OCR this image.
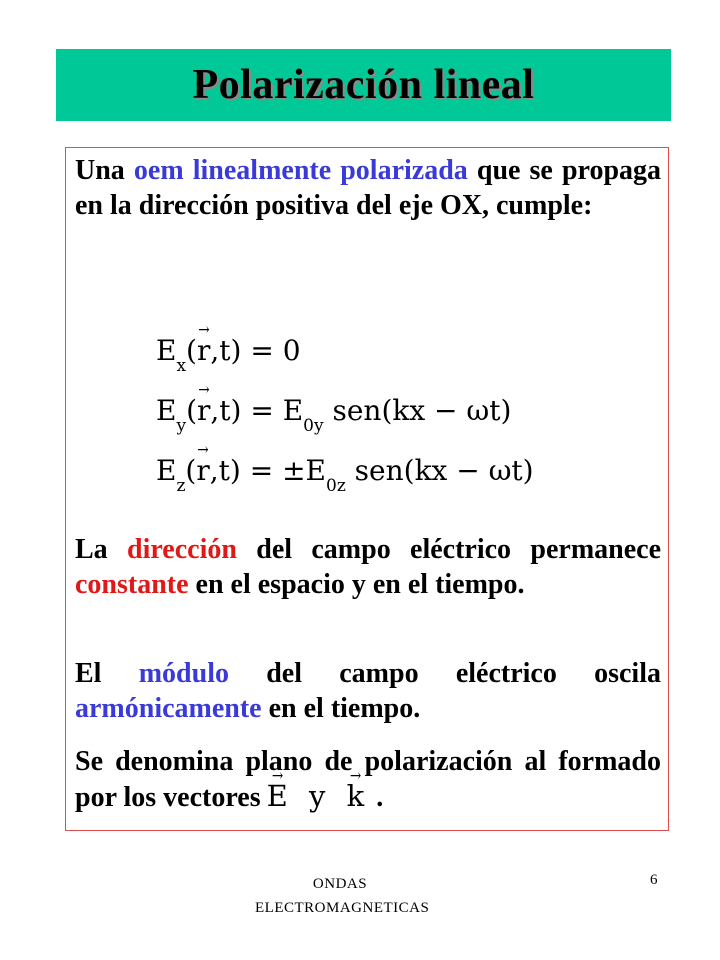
Polarización lineal
Una oem linealmente polarizada que se propaga en la dirección positiva del eje OX, cumple:
$E_x(\to r,t) = 0$
$E_y(\to r,t) = E_{0y}$ sen(kx − ωt)
$E_z(\to r,t) = \pm E_{0z}$ sen(kx − ωt)
La dirección del campo eléctrico permanece constante en el espacio y en el tiempo.
El módulo del campo eléctrico oscila armónicamente en el tiempo.
Se denomina plano de polarización al formado por los vectores → E y → k .
ONDAS
ELECTROMAGNETICAS
6
